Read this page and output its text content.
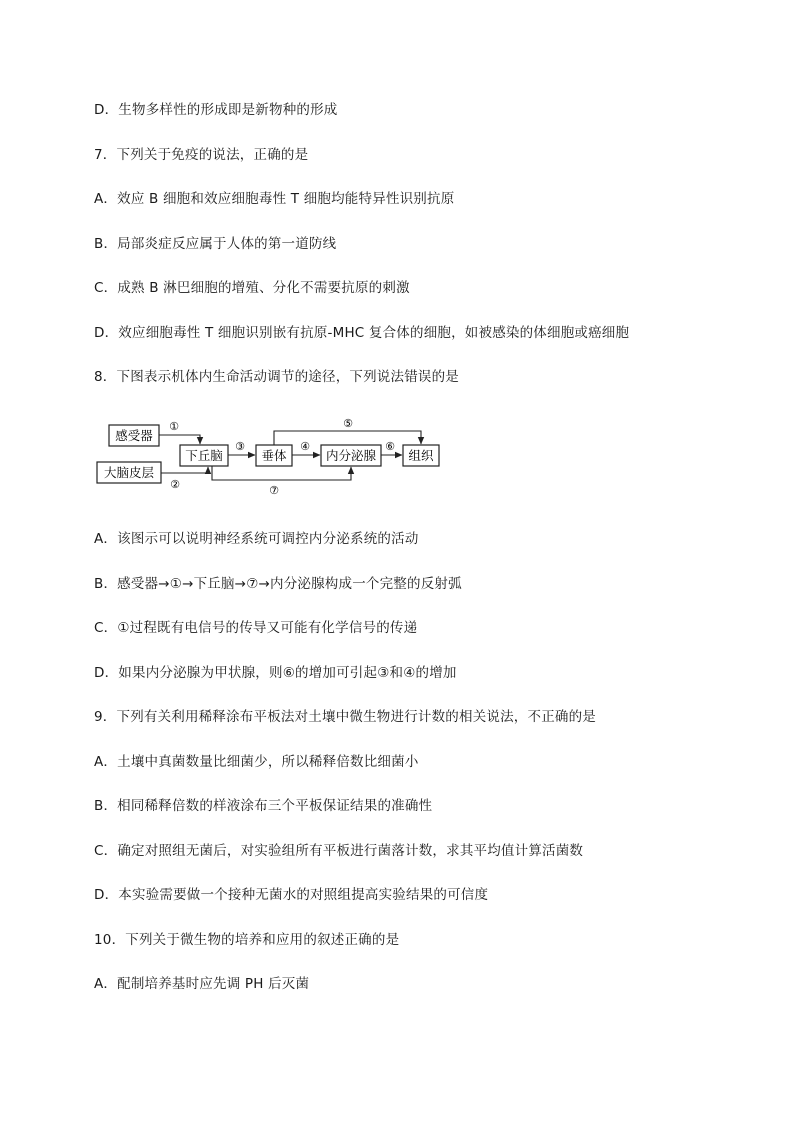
D．生物多样性的形成即是新物种的形成
7．下列关于免疫的说法，正确的是
A．效应 B 细胞和效应细胞毒性 T 细胞均能特异性识别抗原
B．局部炎症反应属于人体的第一道防线
C．成熟 B 淋巴细胞的增殖、分化不需要抗原的刺激
D．效应细胞毒性 T 细胞识别嵌有抗原-MHC 复合体的细胞，如被感染的体细胞或癌细胞
8．下图表示机体内生命活动调节的途径，下列说法错误的是
感受器
大脑皮层
下丘脑	垂体	内分泌腺	组织
①
②
③	④
⑤
⑥
⑦
A．该图示可以说明神经系统可调控内分泌系统的活动
B．感受器→①→下丘脑→⑦→内分泌腺构成一个完整的反射弧
C．①过程既有电信号的传导又可能有化学信号的传递
D．如果内分泌腺为甲状腺，则⑥的增加可引起③和④的增加
9．下列有关利用稀释涂布平板法对土壤中微生物进行计数的相关说法，不正确的是
A．土壤中真菌数量比细菌少，所以稀释倍数比细菌小
B．相同稀释倍数的样液涂布三个平板保证结果的准确性
C．确定对照组无菌后，对实验组所有平板进行菌落计数，求其平均值计算活菌数
D．本实验需要做一个接种无菌水的对照组提高实验结果的可信度
10．下列关于微生物的培养和应用的叙述正确的是
A．配制培养基时应先调 PH 后灭菌
